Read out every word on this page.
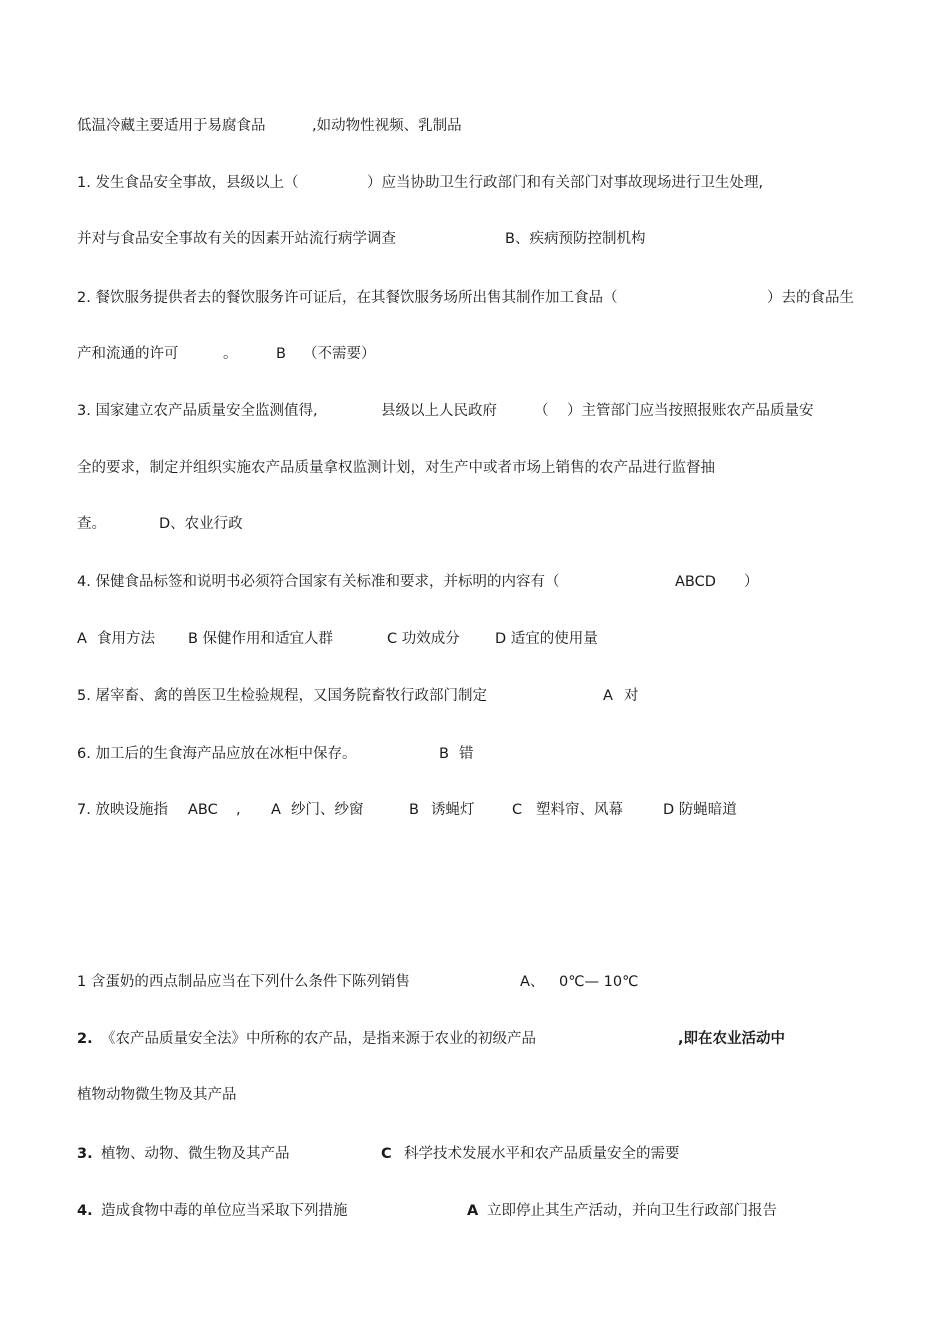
低温冷藏主要适用于易腐食品

	,如动物性视频、乳制品

1. 发生食品安全事故，县级以上（

	）应当协助卫生行政部门和有关部门对事故现场进行卫生处理,

并对与食品安全事故有关的因素开站流行病学调查

	B、疾病预防控制机构

2. 餐饮服务提供者去的餐饮服务许可证后，在其餐饮服务场所出售其制作加工食品（

	）去的食品生

产和流通的许可

	。

	B

（不需要）

3. 国家建立农产品质量安全监测值得,

	县级以上人民政府

	（

）主管部门应当按照报账农产品质量安

全的要求，制定并组织实施农产品质量拿权监测计划，对生产中或者市场上销售的农产品进行监督抽

查。

	D、农业行政

4. 保健食品标签和说明书必须符合国家有关标准和要求，并标明的内容有（

	ABCD

）

A

食用方法

B 保健作用和适宜人群

	C 功效成分

D 适宜的使用量

5. 屠宰畜、禽的兽医卫生检验规程，又国务院畜牧行政部门制定

	A

对

6. 加工后的生食海产品应放在冰柜中保存。

	B

错

7. 放映设施指

ABC

,

A

纱门、纱窗

	B

诱蝇灯

	C

塑料帘、风幕

	D 防蝇暗道

1 含蛋奶的西点制品应当在下列什么条件下陈列销售

	A、

0℃— 10℃

2.

《农产品质量安全法》中所称的农产品，是指来源于农业的初级产品

	,即在农业活动中

植物动物微生物及其产品

3.

植物、动物、微生物及其产品

	C

科学技术发展水平和农产品质量安全的需要

4.

造成食物中毒的单位应当采取下列措施

	A

立即停止其生产活动，并向卫生行政部门报告
